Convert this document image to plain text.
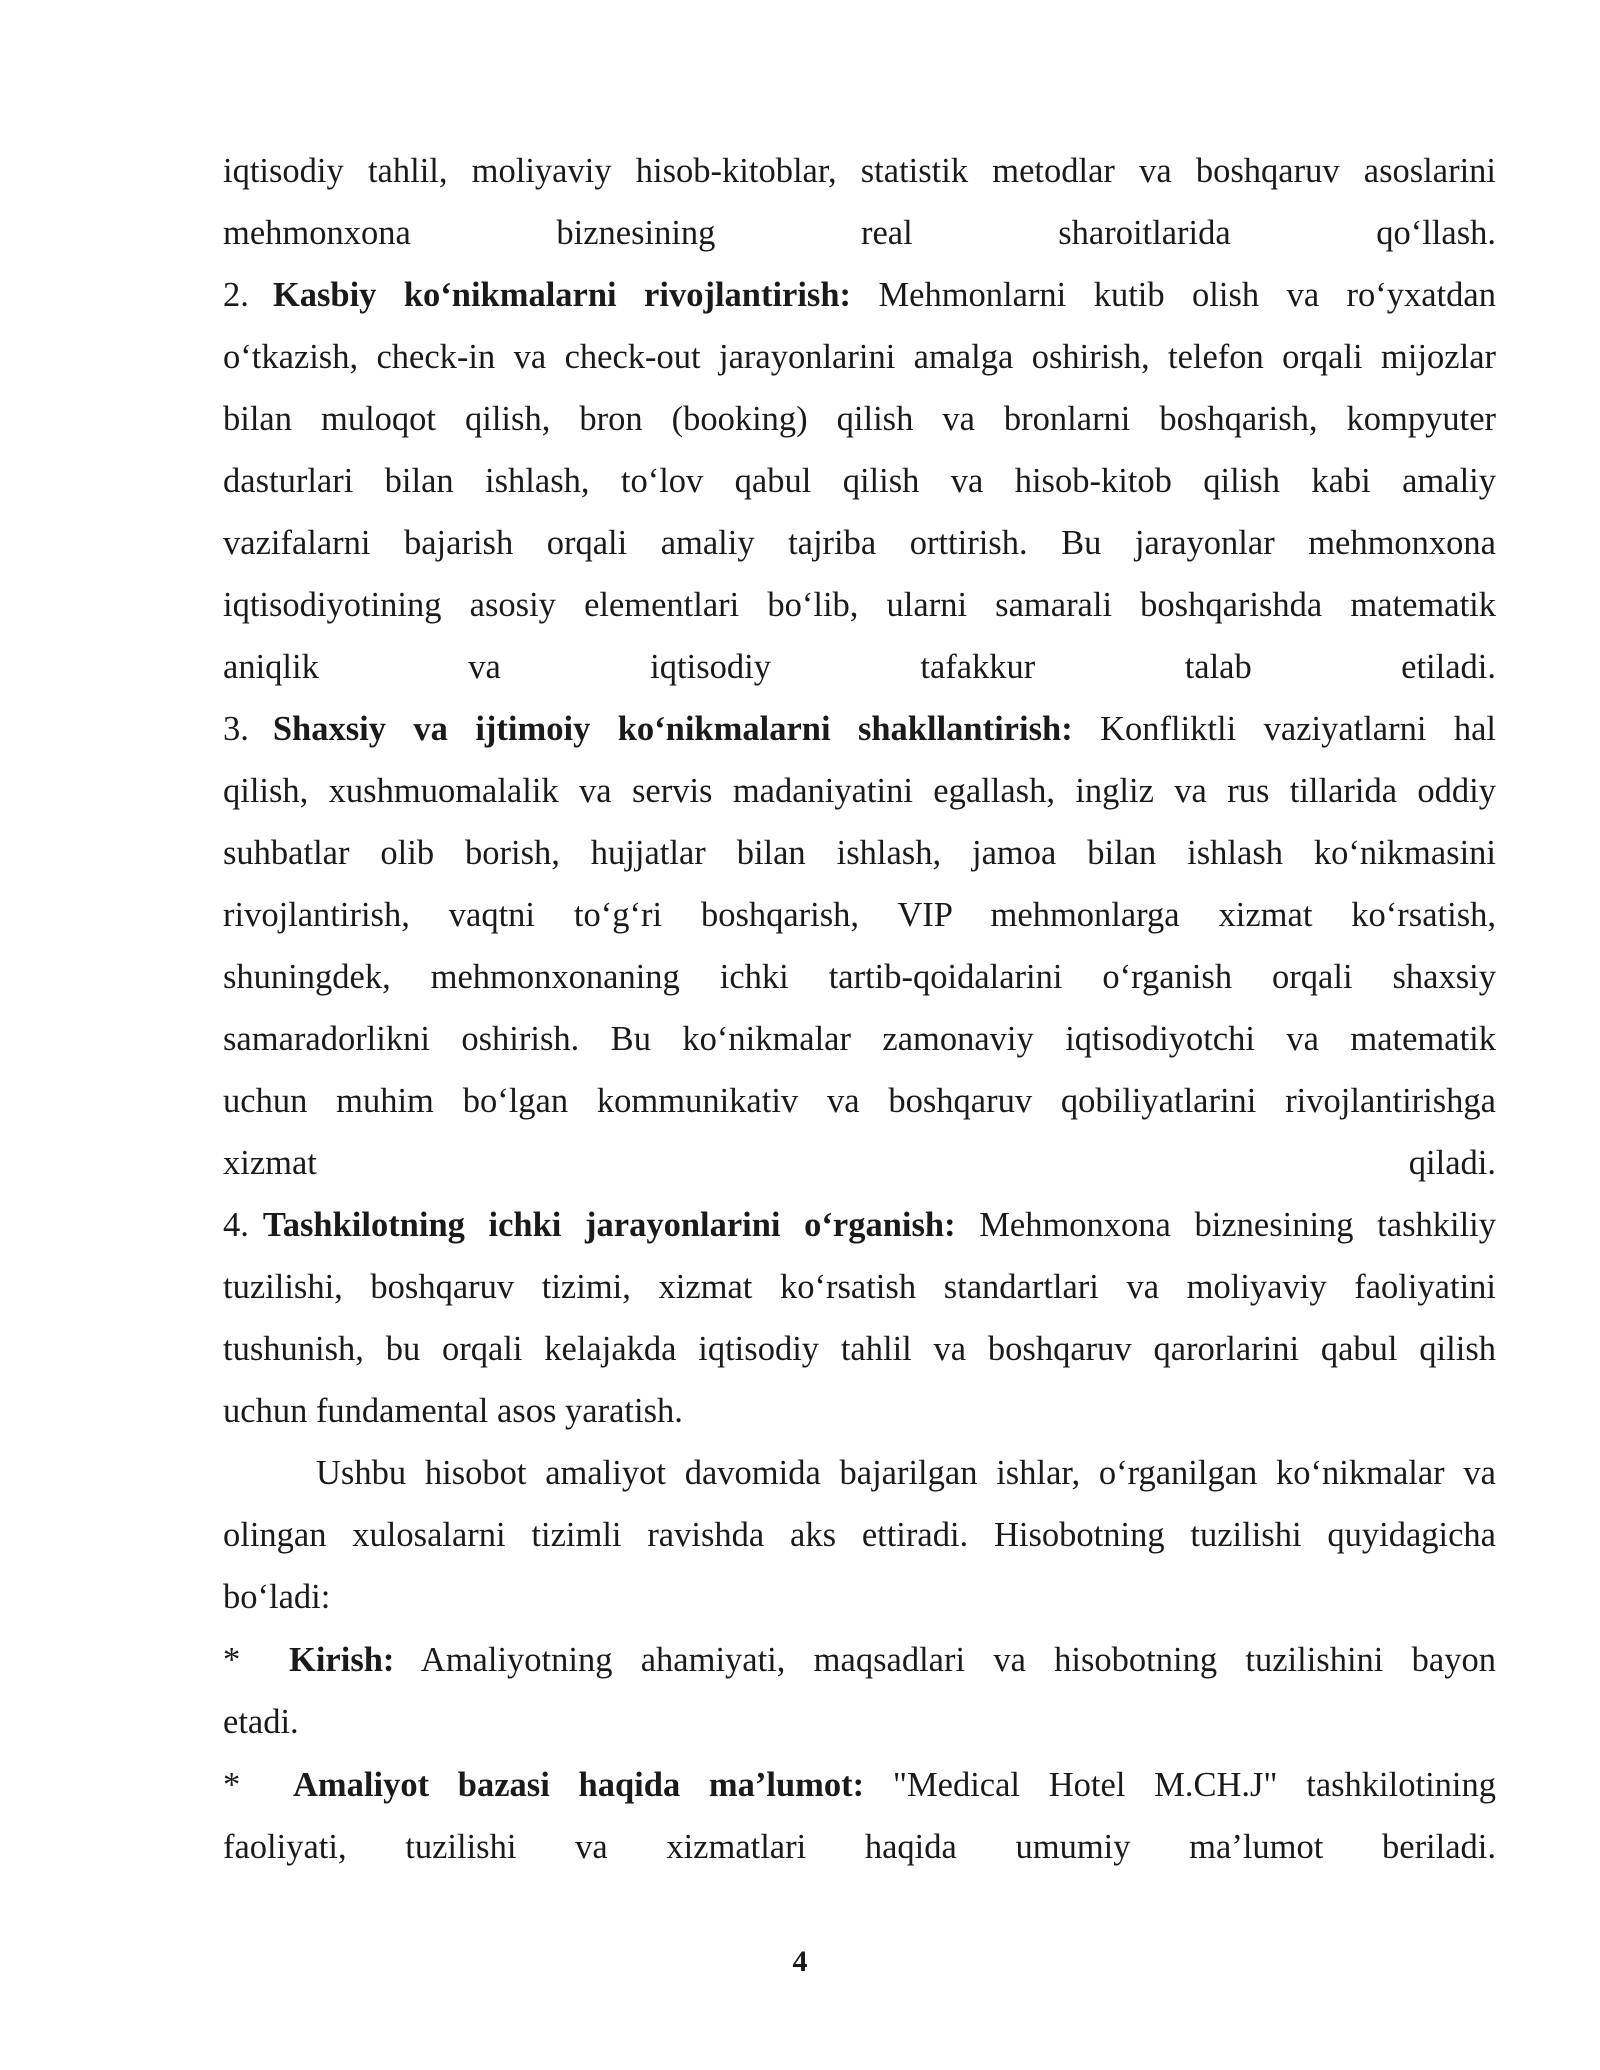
iqtisodiy tahlil, moliyaviy hisob-kitoblar, statistik metodlar va boshqaruv asoslarini
mehmonxona biznesining real sharoitlarida qo‘llash.
2. Kasbiy ko‘nikmalarni rivojlantirish: Mehmonlarni kutib olish va ro‘yxatdan
o‘tkazish, check-in va check-out jarayonlarini amalga oshirish, telefon orqali mijozlar
bilan muloqot qilish, bron (booking) qilish va bronlarni boshqarish, kompyuter
dasturlari bilan ishlash, to‘lov qabul qilish va hisob-kitob qilish kabi amaliy
vazifalarni bajarish orqali amaliy tajriba orttirish. Bu jarayonlar mehmonxona
iqtisodiyotining asosiy elementlari bo‘lib, ularni samarali boshqarishda matematik
aniqlik va iqtisodiy tafakkur talab etiladi.
3. Shaxsiy va ijtimoiy ko‘nikmalarni shakllantirish: Konfliktli vaziyatlarni hal
qilish, xushmuomalalik va servis madaniyatini egallash, ingliz va rus tillarida oddiy
suhbatlar olib borish, hujjatlar bilan ishlash, jamoa bilan ishlash ko‘nikmasini
rivojlantirish, vaqtni to‘g‘ri boshqarish, VIP mehmonlarga xizmat ko‘rsatish,
shuningdek, mehmonxonaning ichki tartib-qoidalarini o‘rganish orqali shaxsiy
samaradorlikni oshirish. Bu ko‘nikmalar zamonaviy iqtisodiyotchi va matematik
uchun muhim bo‘lgan kommunikativ va boshqaruv qobiliyatlarini rivojlantirishga
xizmat qiladi.
4. Tashkilotning ichki jarayonlarini o‘rganish: Mehmonxona biznesining tashkiliy
tuzilishi, boshqaruv tizimi, xizmat ko‘rsatish standartlari va moliyaviy faoliyatini
tushunish, bu orqali kelajakda iqtisodiy tahlil va boshqaruv qarorlarini qabul qilish
uchun fundamental asos yaratish.
Ushbu hisobot amaliyot davomida bajarilgan ishlar, o‘rganilgan ko‘nikmalar va
olingan xulosalarni tizimli ravishda aks ettiradi. Hisobotning tuzilishi quyidagicha
bo‘ladi:
* Kirish: Amaliyotning ahamiyati, maqsadlari va hisobotning tuzilishini bayon
etadi.
* Amaliyot bazasi haqida ma’lumot: "Medical Hotel M.CH.J" tashkilotining
faoliyati, tuzilishi va xizmatlari haqida umumiy ma’lumot beriladi.
4
